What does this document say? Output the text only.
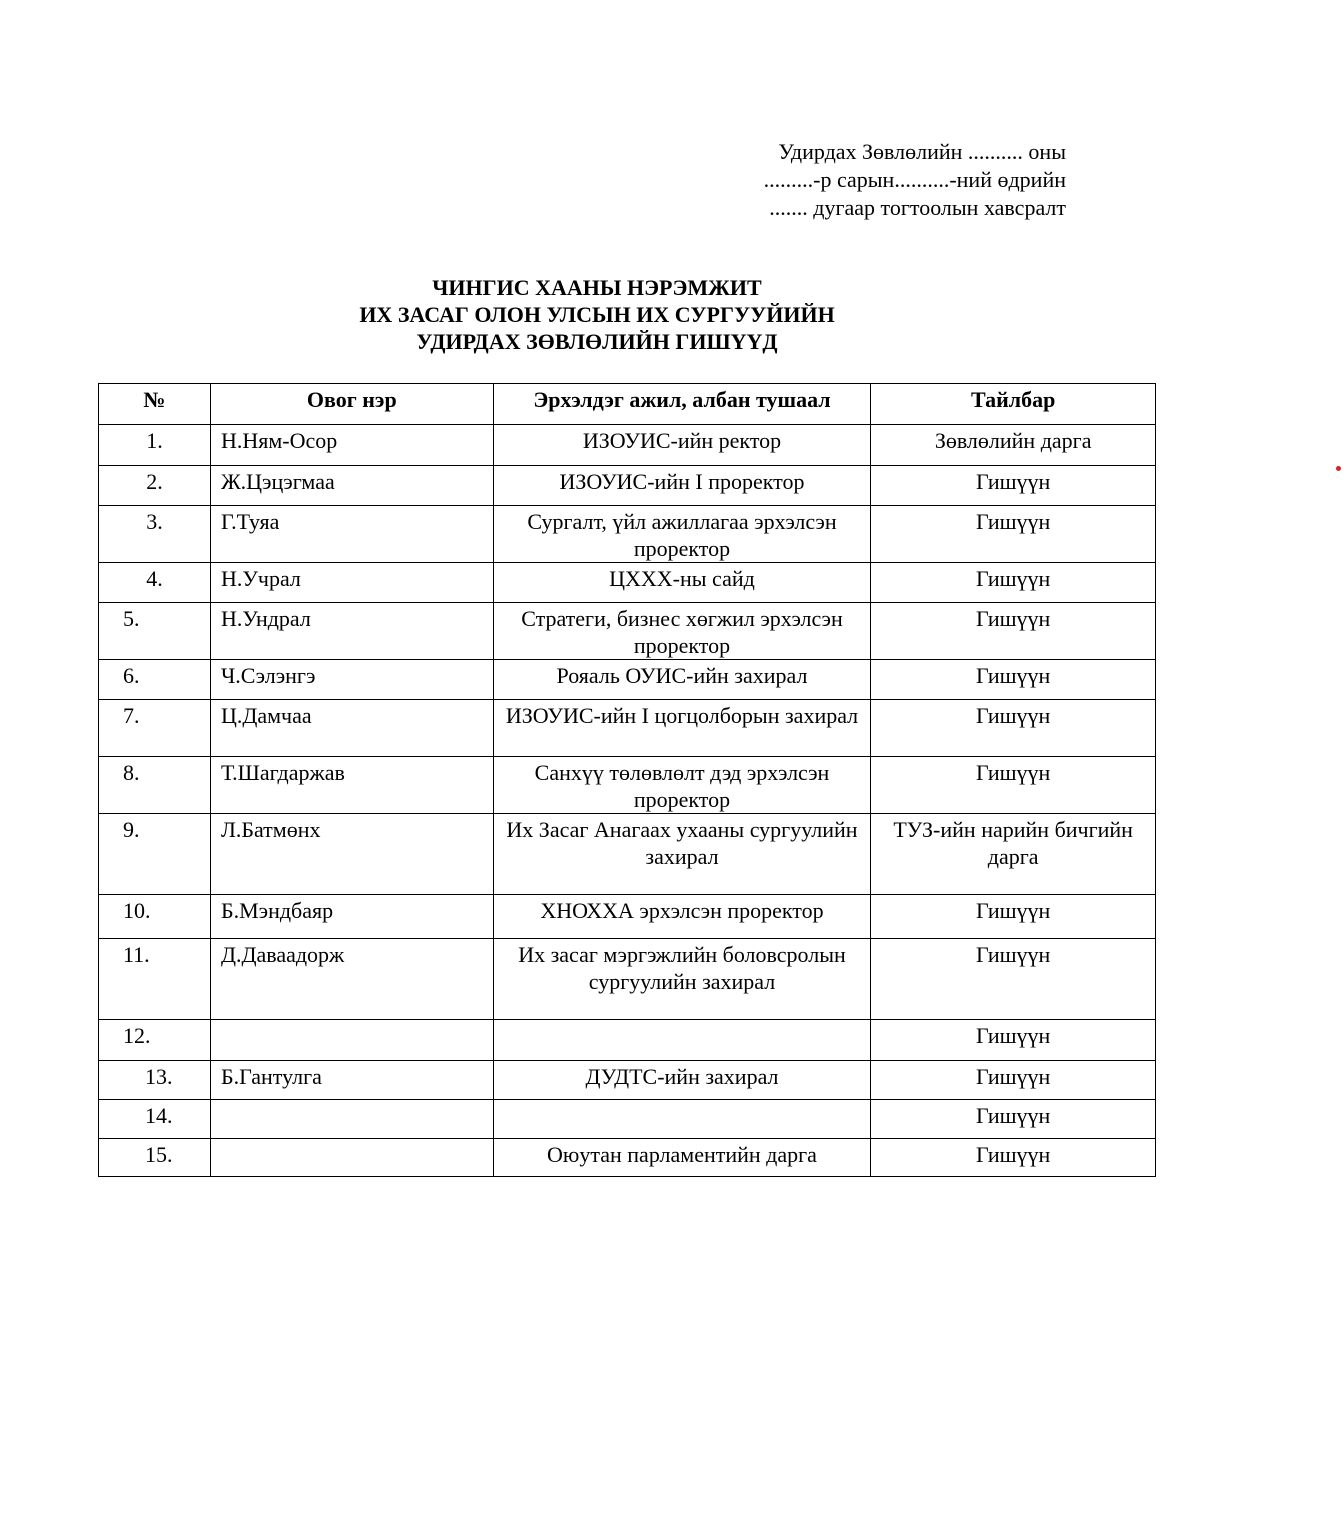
Удирдах Зөвлөлийн .......... оны
.........-р сарын..........-ний өдрийн
....... дугаар тогтоолын хавсралт
ЧИНГИС ХААНЫ НЭРЭМЖИТ
ИХ ЗАСАГ ОЛОН УЛСЫН ИХ СУРГУУЙИЙН
УДИРДАХ ЗӨВЛӨЛИЙН ГИШҮҮД
№	Овог нэр	Эрхэлдэг ажил, албан тушаал	Тайлбар
1.	Н.Ням-Осор	ИЗОУИС-ийн ректор	Зөвлөлийн дарга
2.	Ж.Цэцэгмаа	ИЗОУИС-ийн I проректор	Гишүүн
3.	Г.Туяа	Сургалт, үйл ажиллагаа эрхэлсэн проректор	Гишүүн
4.	Н.Учрал	ЦХХХ-ны сайд	Гишүүн
5.	Н.Ундрал	Стратеги, бизнес хөгжил эрхэлсэн проректор	Гишүүн
6.	Ч.Сэлэнгэ	Рояаль ОУИС-ийн захирал	Гишүүн
7.	Ц.Дамчаа	ИЗОУИС-ийн I цогцолборын захирал	Гишүүн
8.	Т.Шагдаржав	Санхүү төлөвлөлт дэд эрхэлсэн проректор	Гишүүн
9.	Л.Батмөнх	Их Засаг Анагаах ухааны сургуулийн захирал	ТУЗ-ийн нарийн бичгийн дарга
10.	Б.Мэндбаяр	ХНОХХА эрхэлсэн проректор	Гишүүн
11.	Д.Даваадорж	Их засаг мэргэжлийн боловсролын сургуулийн захирал	Гишүүн
12.			Гишүүн
13.	Б.Гантулга	ДУДТС-ийн захирал	Гишүүн
14.			Гишүүн
15.		Оюутан парламентийн дарга	Гишүүн
